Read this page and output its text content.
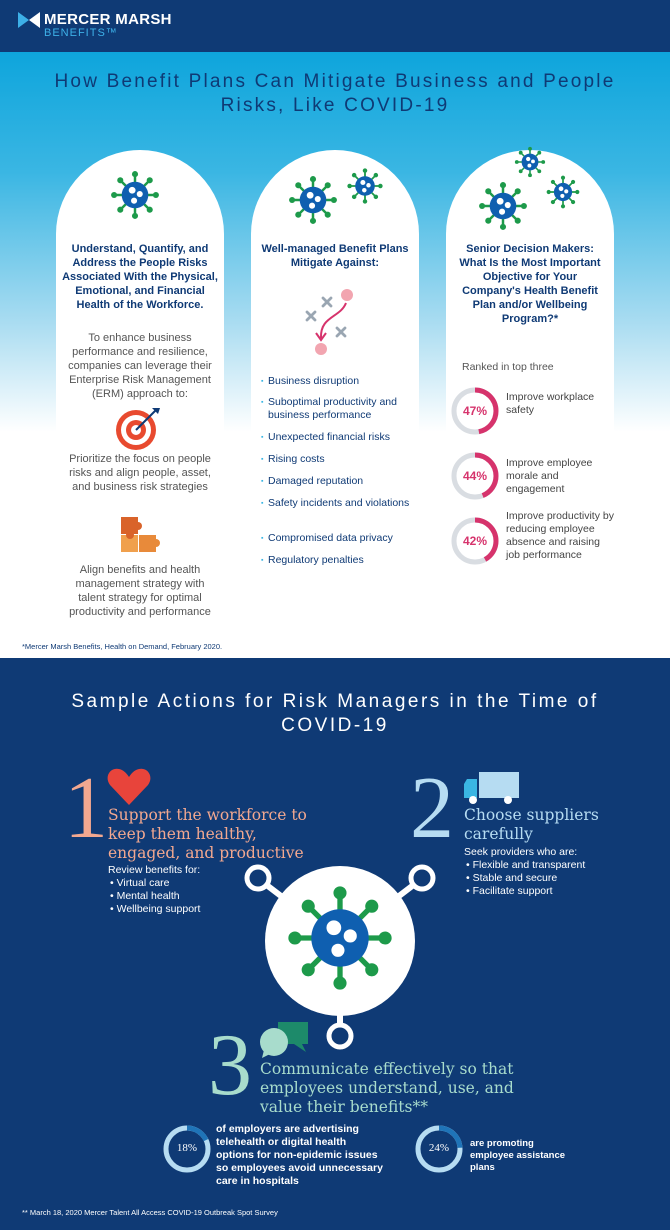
MERCER MARSH
BENEFITS™
How Benefit Plans Can Mitigate Business and People Risks, Like COVID-19
Understand, Quantify, and Address the People Risks Associated With the Physical, Emotional, and Financial Health of the Workforce.
To enhance business performance and resilience, companies can leverage their Enterprise Risk Management (ERM) approach to:
Prioritize the focus on people risks and align people, asset, and business risk strategies
Align benefits and health management strategy with talent strategy for optimal productivity and performance
Well-managed Benefit Plans Mitigate Against:
▪ Business disruption
▪ Suboptimal productivity and business performance
▪ Unexpected financial risks
▪ Rising costs
▪ Damaged reputation
▪ Safety incidents and violations
▪ Compromised data privacy
▪ Regulatory penalties
Senior Decision Makers: What Is the Most Important Objective for Your Company's Health Benefit Plan and/or Wellbeing Program?*
Ranked in top three
47%
Improve workplace safety
44%
Improve employee morale and engagement
42%
Improve productivity by reducing employee absence and raising job performance
*Mercer Marsh Benefits, Health on Demand, February 2020.
Sample Actions for Risk Managers in the Time of COVID-19
1 Support the workforce to keep them healthy, engaged, and productive
Review benefits for:
• Virtual care
• Mental health
• Wellbeing support
2 Choose suppliers carefully
Seek providers who are:
• Flexible and transparent
• Stable and secure
• Facilitate support
3 Communicate effectively so that employees understand, use, and value their benefits**
18%
of employers are advertising telehealth or digital health options for non-epidemic issues so employees avoid unnecessary care in hospitals
24%	are promoting employee assistance plans
** March 18, 2020 Mercer Talent All Access COVID-19 Outbreak Spot Survey
